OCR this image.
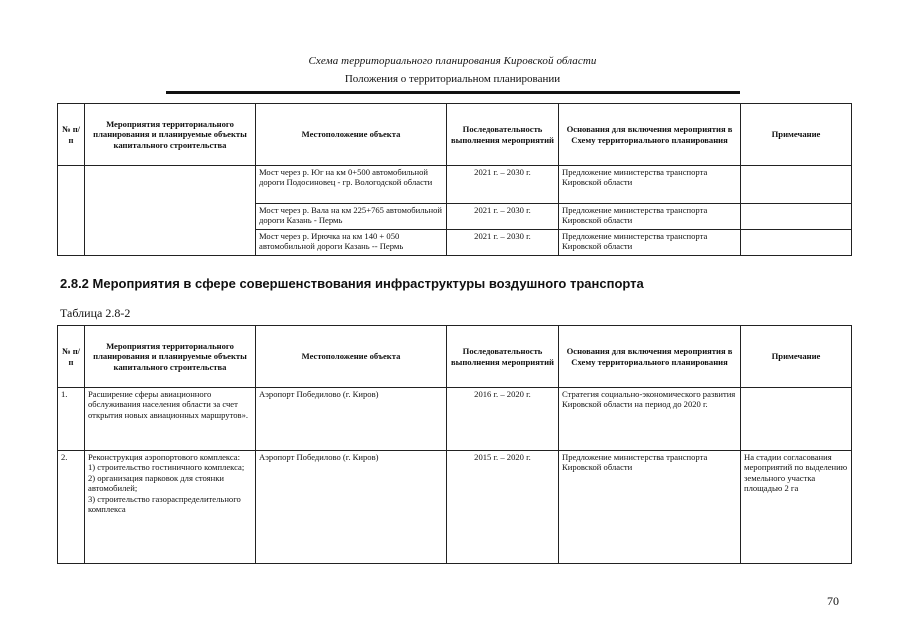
Схема территориального планирования Кировской области
Положения о территориальном планировании
№ п/п	Мероприятия территориального планирования и планируемые объекты капитального строительства	Местоположение объекта	Последовательность выполнения мероприятий	Основания для включения мероприятия в Схему территориального планирования	Примечание
		Мост через р. Юг на км 0+500 автомобильной дороги Подосиновец - гр. Вологодской области	2021 г. – 2030 г.	Предложение министерства транспорта Кировской области	
		Мост через р. Вала на км 225+765 автомобильной дороги Казань - Пермь	2021 г. – 2030 г.	Предложение министерства транспорта Кировской области	
		Мост через р. Ирючка на км 140 + 050 автомобильной дороги Казань -- Пермь	2021 г. – 2030 г.	Предложение министерства транспорта Кировской области	
2.8.2 Мероприятия в сфере совершенствования инфраструктуры воздушного транспорта
Таблица 2.8-2
№ п/п	Мероприятия территориального планирования и планируемые объекты капитального строительства	Местоположение объекта	Последовательность выполнения мероприятий	Основания для включения мероприятия в Схему территориального планирования	Примечание
1.	Расширение сферы авиационного обслуживания населения области за счет открытия новых авиационных маршрутов».	Аэропорт Победилово (г. Киров)	2016 г. – 2020 г.	Стратегия социально-экономического развития Кировской области на период до 2020 г.	
2.	Реконструкция аэропортового комплекса:
1) строительство гостиничного комплекса;
2) организация парковок для стоянки автомобилей;
3) строительство газораспределительного комплекса	Аэропорт Победилово (г. Киров)	2015 г. – 2020 г.	Предложение министерства транспорта Кировской области	На стадии согласования мероприятий по выделению земельного участка площадью 2 га
70
